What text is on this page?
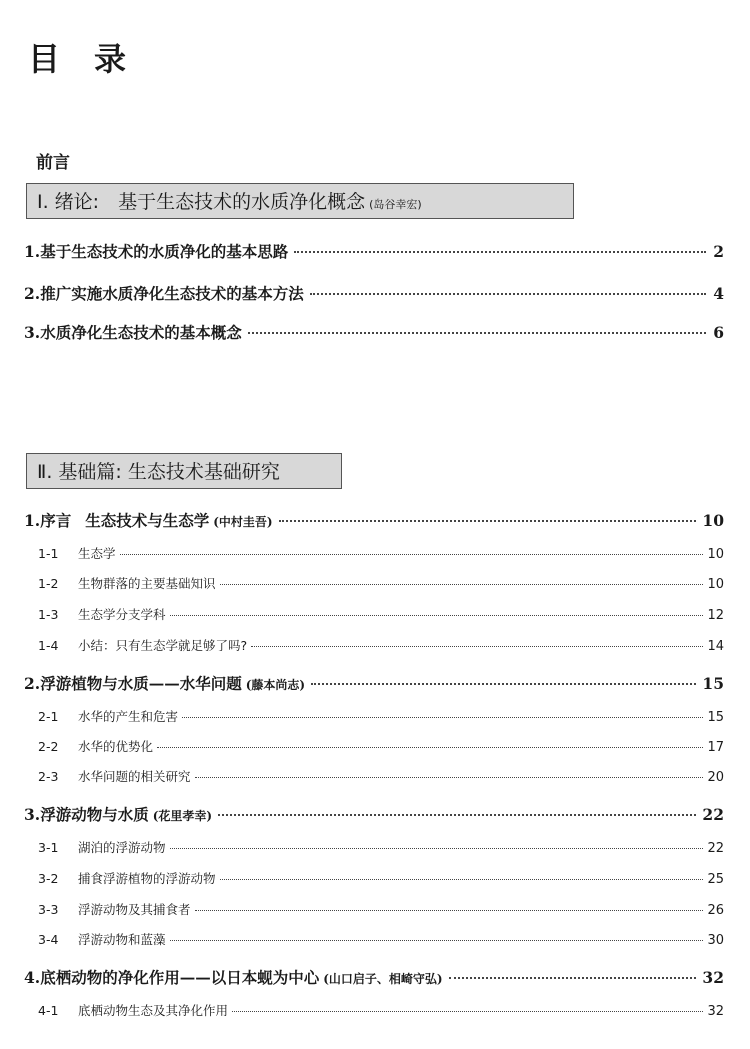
目 录
前言
Ⅰ. 绪论:　基于生态技术的水质净化概念 (岛谷幸宏)
1. 基于生态技术的水质净化的基本思路	2
2. 推广实施水质净化生态技术的基本方法	4
3. 水质净化生态技术的基本概念	6
Ⅱ. 基础篇: 生态技术基础研究
1. 序言 生态技术与生态学 (中村圭吾)	10
1-1	生态学	10
1-2	生物群落的主要基础知识	10
1-3	生态学分支学科	12
1-4	小结：只有生态学就足够了吗?	14
2. 浮游植物与水质——水华问题 (藤本尚志)	15
2-1	水华的产生和危害	15
2-2	水华的优势化	17
2-3	水华问题的相关研究	20
3. 浮游动物与水质 (花里孝幸)	22
3-1	湖泊的浮游动物	22
3-2	捕食浮游植物的浮游动物	25
3-3	浮游动物及其捕食者	26
3-4	浮游动物和蓝藻	30
4. 底栖动物的净化作用——以日本蚬为中心 (山口启子、相崎守弘)	32
4-1	底栖动物生态及其净化作用	32
